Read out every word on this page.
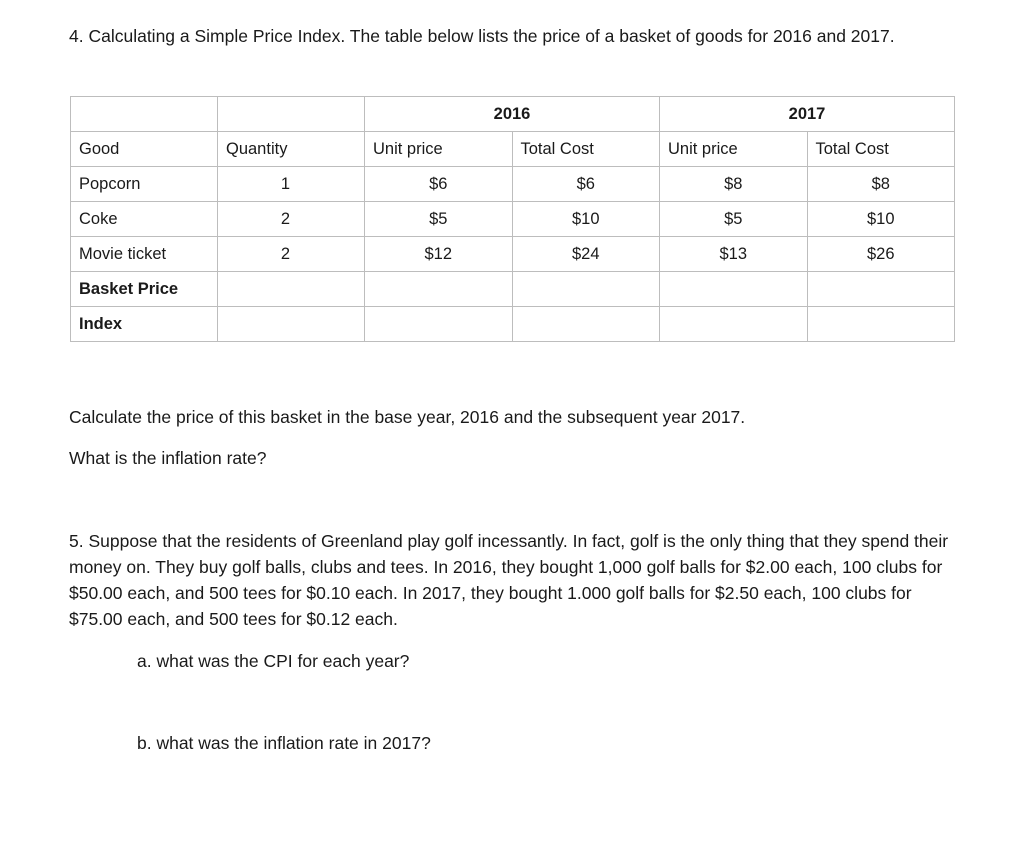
4. Calculating a Simple Price Index. The table below lists the price of a basket of goods for 2016 and 2017.

		2016		2017	
Good	Quantity	Unit price	Total Cost	Unit price	Total Cost
Popcorn	1	$6	$6	$8	$8
Coke	2	$5	$10	$5	$10
Movie ticket	2	$12	$24	$13	$26
Basket Price					
Index					

Calculate the price of this basket in the base year, 2016 and the subsequent year 2017.

What is the inflation rate?

5. Suppose that the residents of Greenland play golf incessantly. In fact, golf is the only thing that they spend their money on. They buy golf balls, clubs and tees. In 2016, they bought 1,000 golf balls for $2.00 each, 100 clubs for $50.00 each, and 500 tees for $0.10 each. In 2017, they bought 1.000 golf balls for $2.50 each, 100 clubs for $75.00 each, and 500 tees for $0.12 each.

a. what was the CPI for each year?

b. what was the inflation rate in 2017?
